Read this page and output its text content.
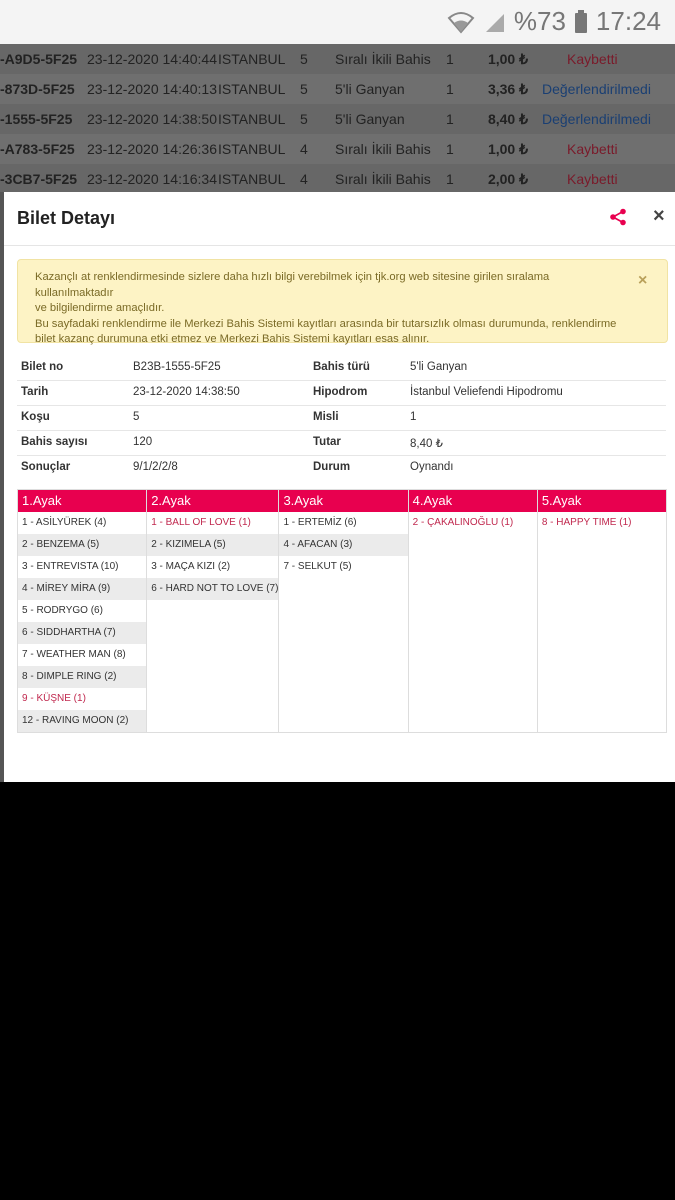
%73 17:24
-A9D5-5F25 23-12-2020 14:40:44 ISTANBUL 5 Sıralı İkili Bahis 1 1,00 ₺	Kaybetti
-873D-5F25 23-12-2020 14:40:13 ISTANBUL 5 5'li Ganyan	1 3,36 ₺ Değerlendirilmedi
-1555-5F25 23-12-2020 14:38:50 ISTANBUL 5 5'li Ganyan	1 8,40 ₺ Değerlendirilmedi
-A783-5F25 23-12-2020 14:26:36 ISTANBUL 4 Sıralı İkili Bahis 1 1,00 ₺	Kaybetti
-3CB7-5F25 23-12-2020 14:16:34 ISTANBUL 4 Sıralı İkili Bahis 1 2,00 ₺	Kaybetti
Bilet Detayı	×

Kazançlı at renklendirmesinde sizlere daha hızlı bilgi verebilmek için tjk.org web sitesine girilen sıralama kullanılmaktadır
ve bilgilendirme amaçlıdır.
Bu sayfadaki renklendirme ile Merkezi Bahis Sistemi kayıtları arasında bir tutarsızlık olması durumunda, renklendirme
bilet kazanç durumuna etki etmez ve Merkezi Bahis Sistemi kayıtları esas alınır.

×
Bilet no	B23B-1555-5F25	Bahis türü	5'li Ganyan
Tarih	23-12-2020 14:38:50	Hipodrom	İstanbul Veliefendi Hipodromu
Koşu	5	Misli	1
Bahis sayısı	120	Tutar	8,40 ₺
Sonuçlar	9/1/2/2/8	Durum	Oynandı
1.Ayak
1 - ASİLYÜREK (4)
2 - BENZEMA (5)
3 - ENTREVISTA (10)
4 - MİREY MİRA (9)
5 - RODRYGO (6)
6 - SIDDHARTHA (7)
7 - WEATHER MAN (8)
8 - DIMPLE RING (2)
9 - KÜŞNE (1)
12 - RAVING MOON (2)
2.Ayak
1 - BALL OF LOVE (1)
2 - KIZIMELA (5)
3 - MAÇA KIZI (2)
6 - HARD NOT TO LOVE (7)
3.Ayak
1 - ERTEMİZ (6)
4 - AFACAN (3)
7 - SELKUT (5)
4.Ayak
2 - ÇAKALINOĞLU (1)
5.Ayak
8 - HAPPY TIME (1)
